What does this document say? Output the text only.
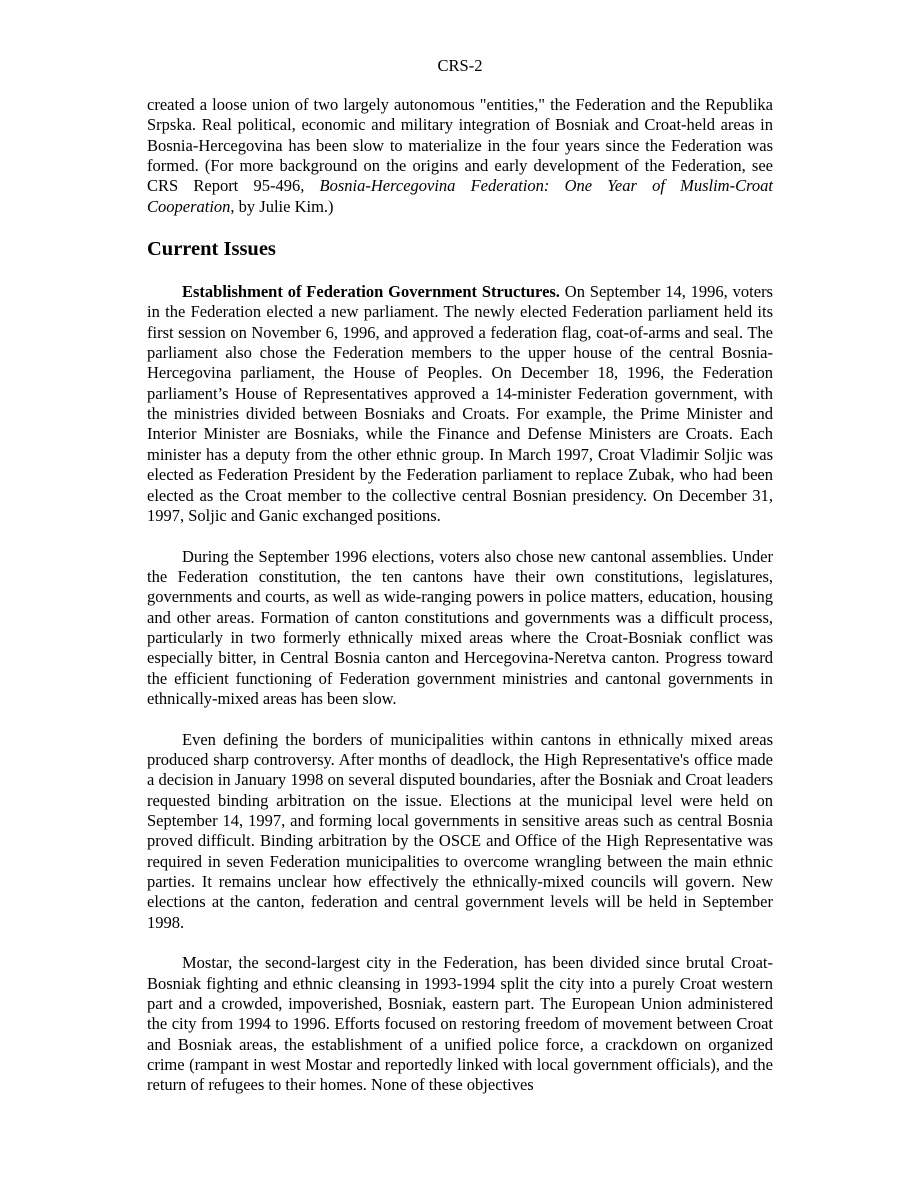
CRS-2

created a loose union of two largely autonomous "entities," the Federation and the Republika Srpska. Real political, economic and military integration of Bosniak and Croat-held areas in Bosnia-Hercegovina has been slow to materialize in the four years since the Federation was formed. (For more background on the origins and early development of the Federation, see CRS Report 95-496, Bosnia-Hercegovina Federation: One Year of Muslim-Croat Cooperation, by Julie Kim.)

Current Issues

Establishment of Federation Government Structures. On September 14, 1996, voters in the Federation elected a new parliament. The newly elected Federation parliament held its first session on November 6, 1996, and approved a federation flag, coat-of-arms and seal. The parliament also chose the Federation members to the upper house of the central Bosnia-Hercegovina parliament, the House of Peoples. On December 18, 1996, the Federation parliament’s House of Representatives approved a 14-minister Federation government, with the ministries divided between Bosniaks and Croats. For example, the Prime Minister and Interior Minister are Bosniaks, while the Finance and Defense Ministers are Croats. Each minister has a deputy from the other ethnic group. In March 1997, Croat Vladimir Soljic was elected as Federation President by the Federation parliament to replace Zubak, who had been elected as the Croat member to the collective central Bosnian presidency. On December 31, 1997, Soljic and Ganic exchanged positions.

During the September 1996 elections, voters also chose new cantonal assemblies. Under the Federation constitution, the ten cantons have their own constitutions, legislatures, governments and courts, as well as wide-ranging powers in police matters, education, housing and other areas. Formation of canton constitutions and governments was a difficult process, particularly in two formerly ethnically mixed areas where the Croat-Bosniak conflict was especially bitter, in Central Bosnia canton and Hercegovina-Neretva canton. Progress toward the efficient functioning of Federation government ministries and cantonal governments in ethnically-mixed areas has been slow.

Even defining the borders of municipalities within cantons in ethnically mixed areas produced sharp controversy. After months of deadlock, the High Representative's office made a decision in January 1998 on several disputed boundaries, after the Bosniak and Croat leaders requested binding arbitration on the issue. Elections at the municipal level were held on September 14, 1997, and forming local governments in sensitive areas such as central Bosnia proved difficult. Binding arbitration by the OSCE and Office of the High Representative was required in seven Federation municipalities to overcome wrangling between the main ethnic parties. It remains unclear how effectively the ethnically-mixed councils will govern. New elections at the canton, federation and central government levels will be held in September 1998.

Mostar, the second-largest city in the Federation, has been divided since brutal Croat-Bosniak fighting and ethnic cleansing in 1993-1994 split the city into a purely Croat western part and a crowded, impoverished, Bosniak, eastern part. The European Union administered the city from 1994 to 1996. Efforts focused on restoring freedom of movement between Croat and Bosniak areas, the establishment of a unified police force, a crackdown on organized crime (rampant in west Mostar and reportedly linked with local government officials), and the return of refugees to their homes. None of these objectives
